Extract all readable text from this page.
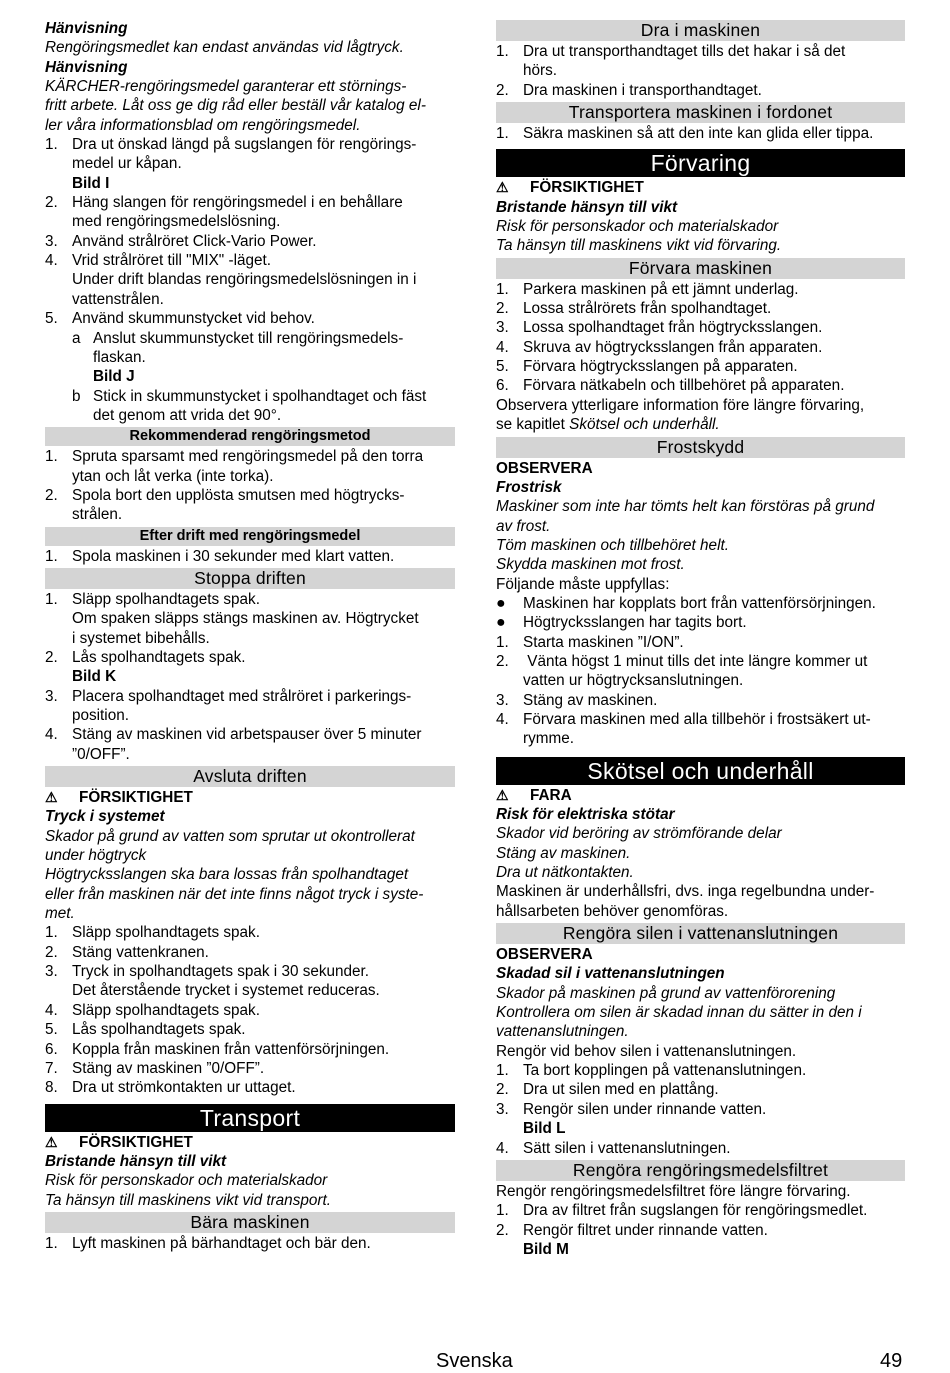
Hänvisning

Rengöringsmedlet kan endast användas vid lågtryck.

Hänvisning

KÄRCHER-rengöringsmedel garanterar ett störnings-

fritt arbete. Låt oss ge dig råd eller beställ vår katalog el-

ler våra informationsblad om rengöringsmedel.

1. Dra ut önskad längd på sugslangen för rengörings-
medel ur kåpan.
Bild I
2. Häng slangen för rengöringsmedel i en behållare
med rengöringsmedelslösning.
3. Använd strålröret Click-Vario Power.
4. Vrid strålröret till "MIX" -läget.
Under drift blandas rengöringsmedelslösningen in i
vattenstrålen.
5. Använd skummunstycket vid behov.
a Anslut skummunstycket till rengöringsmedels-
flaskan.
Bild J
b Stick in skummunstycket i spolhandtaget och fäst
det genom att vrida det 90°.
Rekommenderad rengöringsmetod
1. Spruta sparsamt med rengöringsmedel på den torra
ytan och låt verka (inte torka).
2. Spola bort den upplösta smutsen med högtrycks-
strålen.
Efter drift med rengöringsmedel
1. Spola maskinen i 30 sekunder med klart vatten.
Stoppa driften
1. Släpp spolhandtagets spak.
Om spaken släpps stängs maskinen av. Högtrycket
i systemet bibehålls.
2. Lås spolhandtagets spak.
Bild K
3. Placera spolhandtaget med strålröret i parkerings-
position.
4. Stäng av maskinen vid arbetspauser över 5 minuter
”0/OFF”.
Avsluta driften
⚠	FÖRSIKTIGHET

Tryck i systemet

Skador på grund av vatten som sprutar ut okontrollerat

under högtryck

Högtrycksslangen ska bara lossas från spolhandtaget

eller från maskinen när det inte finns något tryck i syste-

met.

1. Släpp spolhandtagets spak.
2. Stäng vattenkranen.
3. Tryck in spolhandtagets spak i 30 sekunder.
Det återstående trycket i systemet reduceras.
4. Släpp spolhandtagets spak.
5. Lås spolhandtagets spak.
6. Koppla från maskinen från vattenförsörjningen.
7. Stäng av maskinen ”0/OFF”.
8. Dra ut strömkontakten ur uttaget.
Transport
⚠	FÖRSIKTIGHET

Bristande hänsyn till vikt

Risk för personskador och materialskador

Ta hänsyn till maskinens vikt vid transport.

Bära maskinen
1. Lyft maskinen på bärhandtaget och bär den.
Dra i maskinen
1. Dra ut transporthandtaget tills det hakar i så det
hörs.
2. Dra maskinen i transporthandtaget.
Transportera maskinen i fordonet
1. Säkra maskinen så att den inte kan glida eller tippa.
Förvaring
⚠	FÖRSIKTIGHET

Bristande hänsyn till vikt

Risk för personskador och materialskador

Ta hänsyn till maskinens vikt vid förvaring.

Förvara maskinen
1. Parkera maskinen på ett jämnt underlag.
2. Lossa strålrörets från spolhandtaget.
3. Lossa spolhandtaget från högtrycksslangen.
4. Skruva av högtrycksslangen från apparaten.
5. Förvara högtrycksslangen på apparaten.
6. Förvara nätkabeln och tillbehöret på apparaten.

Observera ytterligare information före längre förvaring,

se kapitlet Skötsel och underhåll.

Frostskydd

OBSERVERA

Frostrisk

Maskiner som inte har tömts helt kan förstöras på grund

av frost.

Töm maskinen och tillbehöret helt.

Skydda maskinen mot frost.

Följande måste uppfyllas:

●	Maskinen har kopplats bort från vattenförsörjningen.
●	Högtrycksslangen har tagits bort.
1. Starta maskinen ”I/ON”.
2. Vänta högst 1 minut tills det inte längre kommer ut
vatten ur högtrycksanslutningen.
3. Stäng av maskinen.
4. Förvara maskinen med alla tillbehör i frostsäkert ut-
rymme.
Skötsel och underhåll
⚠	FARA

Risk för elektriska stötar

Skador vid beröring av strömförande delar

Stäng av maskinen.

Dra ut nätkontakten.

Maskinen är underhållsfri, dvs. inga regelbundna under-

hållsarbeten behöver genomföras.

Rengöra silen i vattenanslutningen

OBSERVERA

Skadad sil i vattenanslutningen

Skador på maskinen på grund av vattenförorening

Kontrollera om silen är skadad innan du sätter in den i

vattenanslutningen.

Rengör vid behov silen i vattenanslutningen.

1. Ta bort kopplingen på vattenanslutningen.
2. Dra ut silen med en plattång.
3. Rengör silen under rinnande vatten.
Bild L
4. Sätt silen i vattenanslutningen.
Rengöra rengöringsmedelsfiltret

Rengör rengöringsmedelsfiltret före längre förvaring.

1. Dra av filtret från sugslangen för rengöringsmedlet.
2. Rengör filtret under rinnande vatten.
Bild M
Svenska	49
